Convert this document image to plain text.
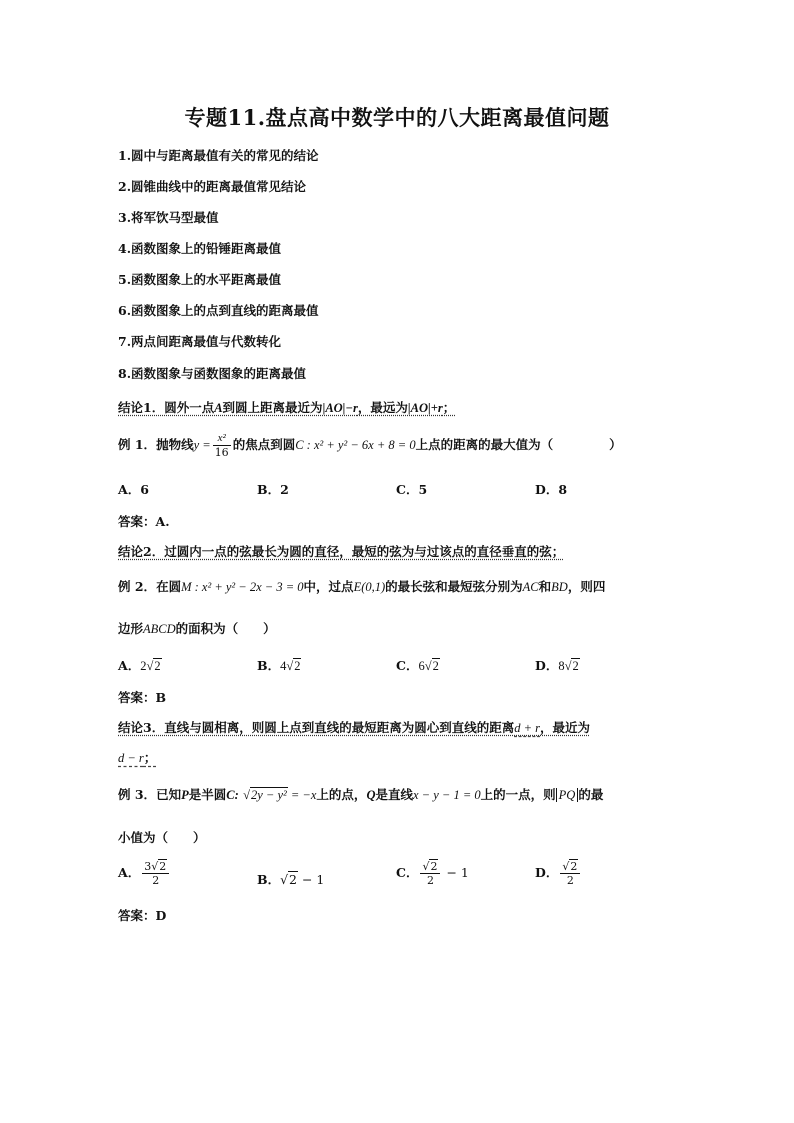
专题11.盘点高中数学中的八大距离最值问题
1.圆中与距离最值有关的常见的结论
2.圆锥曲线中的距离最值常见结论
3.将军饮马型最值
4.函数图象上的铅锤距离最值
5.函数图象上的水平距离最值
6.函数图象上的点到直线的距离最值
7.两点间距离最值与代数转化
8.函数图象与函数图象的距离最值
结论1．圆外一点A到圆上距离最近为|AO|−r，最远为|AO|+r；
例 1．抛物线$y = \frac{\text{x²}}{16}$ 的焦点到圆C : x² + y² − 6x + 8 = 0上点的距离的最大值为（	）
A．6	B．2	C．5	D．8
答案：A.
结论2．过圆内一点的弦最长为圆的直径，最短的弦为与过该点的直径垂直的弦；
例 2．在圆M : x² + y² − 2x − 3 = 0中，过点E(0,1)的最长弦和最短弦分别为AC和BD，则四
边形ABCD的面积为（　　）
A．2√2	B．4√2	C．6√2	D．8√2
答案：B
结论3．直线与圆相离，则圆上点到直线的最短距离为圆心到直线的距离d + r，最近为
d − r；
例 3．已知P是半圆C: √2y − y² = −x上的点，Q是直线x − y − 1 = 0上的一点，则 PQ 的最
小值为（　　）
A． $\frac{3√2}{2}$	B．√2 − 1	C． $\frac{√2}{2} - 1$	D． $\frac{√2}{2}$
答案：D
